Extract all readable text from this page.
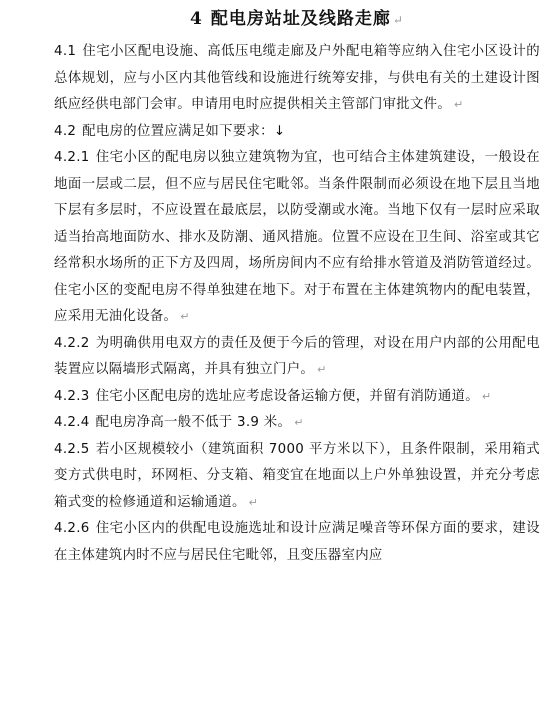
4 配电房站址及线路走廊 ↵

4.1 住宅小区配电设施、高低压电缆走廊及户外配电箱等应纳入住宅小区设计的总体规划，应与小区内其他管线和设施进行统筹安排，与供电有关的土建设计图纸应经供电部门会审。申请用电时应提供相关主管部门审批文件。 ↵

4.2 配电房的位置应满足如下要求：↓

4.2.1 住宅小区的配电房以独立建筑物为宜，也可结合主体建筑建设，一般设在地面一层或二层，但不应与居民住宅毗邻。当条件限制而必须设在地下层且当地下层有多层时，不应设置在最底层，以防受潮或水淹。当地下仅有一层时应采取适当抬高地面防水、排水及防潮、通风措施。位置不应设在卫生间、浴室或其它经常积水场所的正下方及四周，场所房间内不应有给排水管道及消防管道经过。住宅小区的变配电房不得单独建在地下。对于布置在主体建筑物内的配电装置，应采用无油化设备。 ↵

4.2.2 为明确供用电双方的责任及便于今后的管理，对设在用户内部的公用配电装置应以隔墙形式隔离，并具有独立门户。 ↵

4.2.3 住宅小区配电房的选址应考虑设备运输方便，并留有消防通道。 ↵

4.2.4 配电房净高一般不低于 3.9 米。 ↵

4.2.5 若小区规模较小（建筑面积 7000 平方米以下），且条件限制，采用箱式变方式供电时，环网柜、分支箱、箱变宜在地面以上户外单独设置，并充分考虑箱式变的检修通道和运输通道。 ↵

4.2.6 住宅小区内的供配电设施选址和设计应满足噪音等环保方面的要求，建设在主体建筑内时不应与居民住宅毗邻，且变压器室内应
